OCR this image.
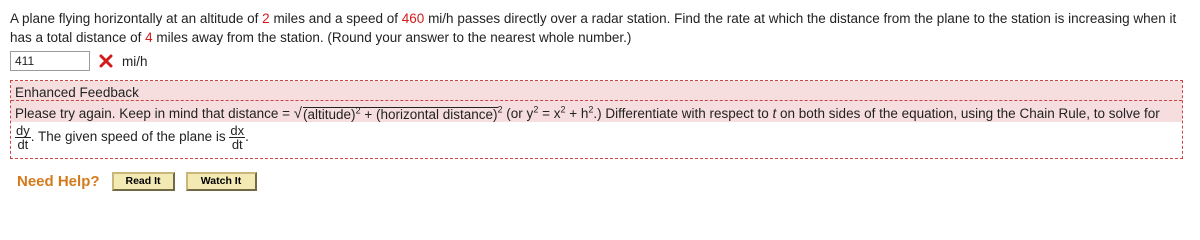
A plane flying horizontally at an altitude of 2 miles and a speed of 460 mi/h passes directly over a radar station. Find the rate at which the distance from the plane to the station is increasing when it has a total distance of 4 miles away from the station. (Round your answer to the nearest whole number.)
411	mi/h
Enhanced Feedback
Please try again. Keep in mind that distance = √ (altitude)$^2$ + (horizontal distance) $^2$ (or $y^2 = x^2 + h^2$.) Differentiate with respect to t on both sides of the equation, using the Chain Rule, to solve for
$\frac{dy}{dt}$ . The given speed of the plane is $\frac{dx}{dt}$ .
Need Help?	Read It	Watch It
